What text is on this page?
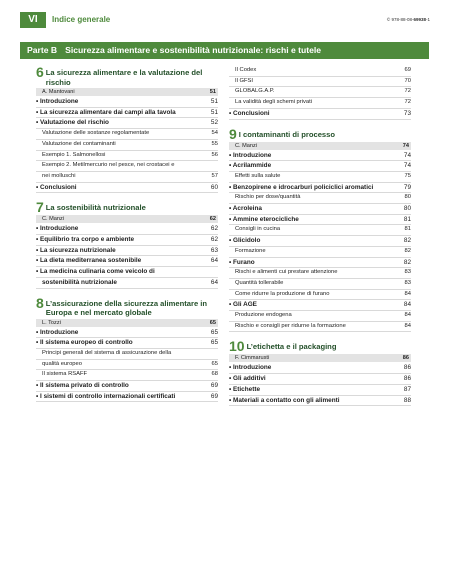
VI	Indice generale	© 978-88-08-69938-1
Parte B Sicurezza alimentare e sostenibilità nutrizionale: rischi e tutele
6 La sicurezza alimentare e la valutazione del rischio
A. Mantovani	51
• Introduzione	51
• La sicurezza alimentare dai campi alla tavola	51
• Valutazione del rischio	52
Valutazione delle sostanze regolamentate	54
Valutazione dei contaminanti	55
Esempio 1. Salmonellosi	56
Esempio 2. Metilmercurio nel pesce, nei crostacei e
nei molluschi	57
• Conclusioni	60
7 La sostenibilità nutrizionale
C. Manzi	62
• Introduzione	62
• Equilibrio tra corpo e ambiente	62
• La sicurezza nutrizionale	63
• La dieta mediterranea sostenibile	64
• La medicina culinaria come veicolo di
sostenibilità nutrizionale	64
8 L’assicurazione della sicurezza alimentare in Europa e nel mercato globale
L. Tozzi	65
• Introduzione	65
• Il sistema europeo di controllo	65
Principi generali del sistema di assicurazione della
qualità europeo	65
Il sistema RSAFF	68
• Il sistema privato di controllo	69
• I sistemi di controllo internazionali certificati	69
Il Codex	69
Il GFSI	70
GLOBALG.A.P.	72
La validità degli schemi privati	72
• Conclusioni	73
9 I contaminanti di processo
C. Manzi	74
• Introduzione	74
• Acrilammide	74
Effetti sulla salute	75
• Benzopirene e idrocarburi policiclici aromatici	79
Rischio per dose/quantità	80
• Acroleina	80
• Ammine eterocicliche	81
Consigli in cucina	81
• Glicidolo	82
Formazione	82
• Furano	82
Rischi e alimenti cui prestare attenzione	83
Quantità tollerabile	83
Come ridurre la produzione di furano	84
• Gli AGE	84
Produzione endogena	84
Rischio e consigli per ridurne la formazione	84
10 L’etichetta e il packaging
F. Cimmarusti	86
• Introduzione	86
• Gli additivi	86
• Etichette	87
• Materiali a contatto con gli alimenti	88
